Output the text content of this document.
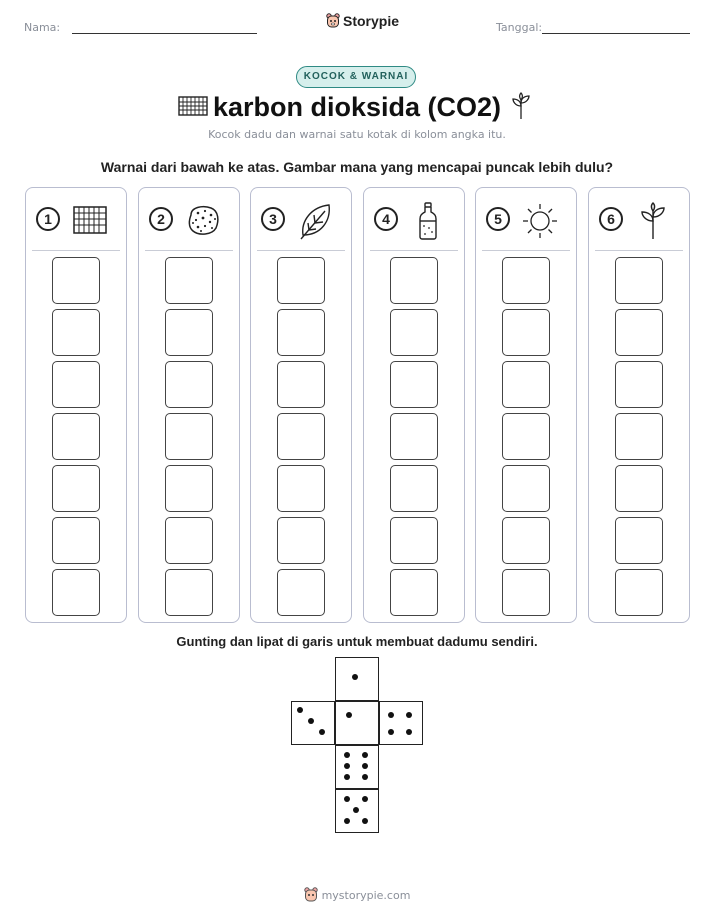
Nama:	Storypie	Tanggal:
KOCOK & WARNAI
karbon dioksida (CO2)
Kocok dadu dan warnai satu kotak di kolom angka itu.
Warnai dari bawah ke atas. Gambar mana yang mencapai puncak lebih dulu?
1	2	3	4	5	6
Gunting dan lipat di garis untuk membuat dadumu sendiri.
mystorypie.com
